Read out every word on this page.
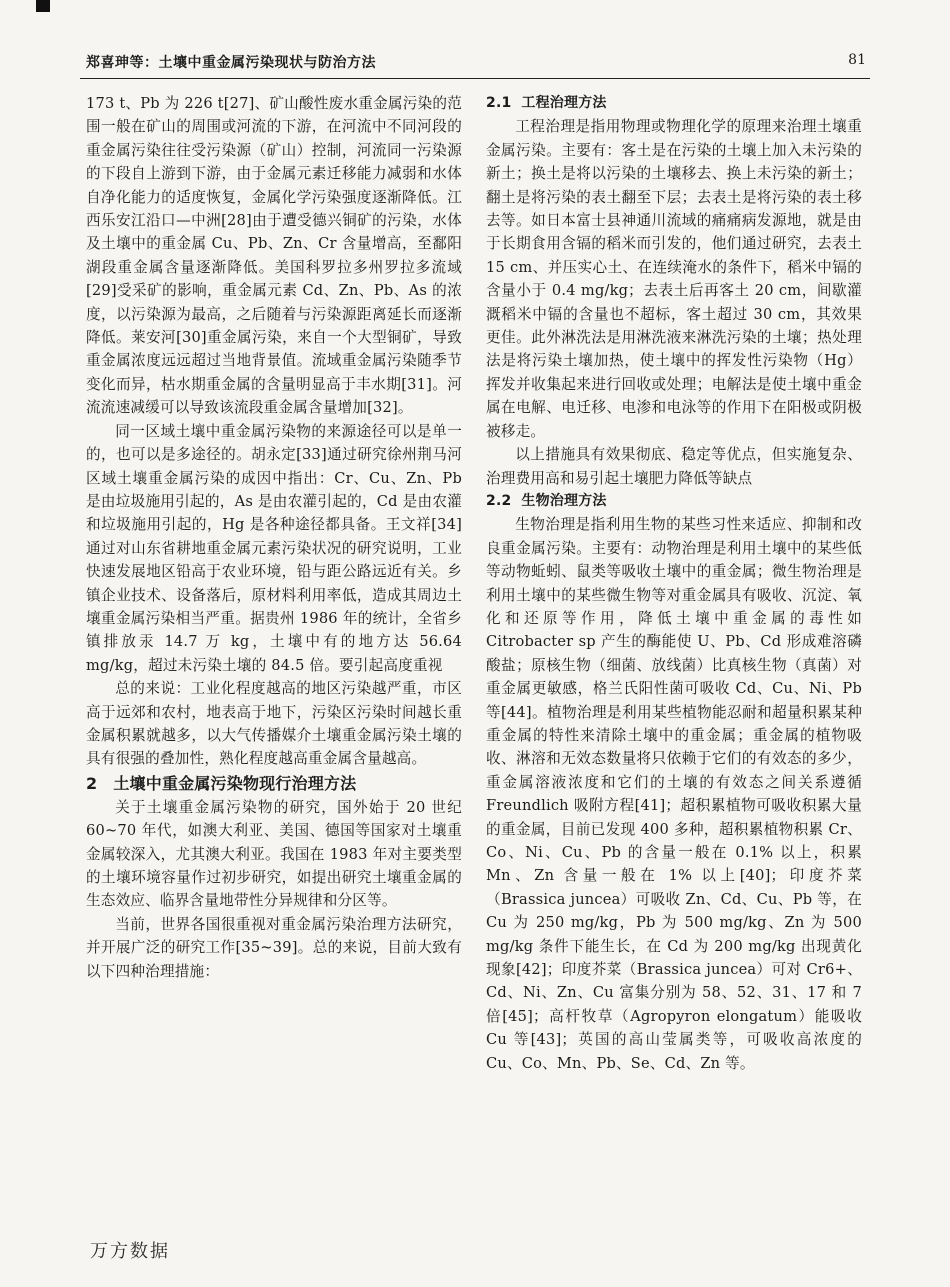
郑喜珅等：土壤中重金属污染现状与防治方法	81

173 t、Pb 为 226 t[27]、矿山酸性废水重金属污染的范围一般在矿山的周围或河流的下游，在河流中不同河段的重金属污染往往受污染源（矿山）控制，河流同一污染源的下段自上游到下游，由于金属元素迁移能力减弱和水体自净化能力的适度恢复，金属化学污染强度逐渐降低。江西乐安江沿口—中洲[28]由于遭受德兴铜矿的污染，水体及土壤中的重金属 Cu、Pb、Zn、Cr 含量增高，至鄱阳湖段重金属含量逐渐降低。美国科罗拉多州罗拉多流域[29]受采矿的影响，重金属元素 Cd、Zn、Pb、As 的浓度，以污染源为最高，之后随着与污染源距离延长而逐渐降低。莱安河[30]重金属污染，来自一个大型铜矿，导致重金属浓度远远超过当地背景值。流域重金属污染随季节变化而异，枯水期重金属的含量明显高于丰水期[31]。河流流速减缓可以导致该流段重金属含量增加[32]。

同一区域土壤中重金属污染物的来源途径可以是单一的，也可以是多途径的。胡永定[33]通过研究徐州荆马河区域土壤重金属污染的成因中指出：Cr、Cu、Zn、Pb 是由垃圾施用引起的，As 是由农灌引起的，Cd 是由农灌和垃圾施用引起的，Hg 是各种途径都具备。王文祥[34]通过对山东省耕地重金属元素污染状况的研究说明，工业快速发展地区铅高于农业环境，铅与距公路远近有关。乡镇企业技术、设备落后，原材料利用率低，造成其周边土壤重金属污染相当严重。据贵州 1986 年的统计，全省乡镇排放汞 14.7 万 kg，土壤中有的地方达 56.64 mg/kg，超过未污染土壤的 84.5 倍。要引起高度重视

总的来说：工业化程度越高的地区污染越严重，市区高于远郊和农村，地表高于地下，污染区污染时间越长重金属积累就越多，以大气传播媒介土壤重金属污染土壤的具有很强的叠加性，熟化程度越高重金属含量越高。

2 土壤中重金属污染物现行治理方法

关于土壤重金属污染物的研究，国外始于 20 世纪 60~70 年代，如澳大利亚、美国、德国等国家对土壤重金属较深入，尤其澳大利亚。我国在 1983 年对主要类型的土壤环境容量作过初步研究，如提出研究土壤重金属的生态效应、临界含量地带性分异规律和分区等。

当前，世界各国很重视对重金属污染治理方法研究，并开展广泛的研究工作[35~39]。总的来说，目前大致有以下四种治理措施：

2.1 工程治理方法

工程治理是指用物理或物理化学的原理来治理土壤重金属污染。主要有：客土是在污染的土壤上加入未污染的新土；换土是将以污染的土壤移去、换上未污染的新土；翻土是将污染的表土翻至下层；去表土是将污染的表土移去等。如日本富士县神通川流域的痛痛病发源地，就是由于长期食用含镉的稻米而引发的，他们通过研究，去表土 15 cm、并压实心土、在连续淹水的条件下，稻米中镉的含量小于 0.4 mg/kg；去表土后再客土 20 cm，间歇灌溉稻米中镉的含量也不超标，客土超过 30 cm，其效果更佳。此外淋洗法是用淋洗液来淋洗污染的土壤；热处理法是将污染土壤加热，使土壤中的挥发性污染物（Hg）挥发并收集起来进行回收或处理；电解法是使土壤中重金属在电解、电迁移、电渗和电泳等的作用下在阳极或阴极被移走。

以上措施具有效果彻底、稳定等优点，但实施复杂、治理费用高和易引起土壤肥力降低等缺点

2.2 生物治理方法

生物治理是指利用生物的某些习性来适应、抑制和改良重金属污染。主要有：动物治理是利用土壤中的某些低等动物蚯蚓、鼠类等吸收土壤中的重金属；微生物治理是利用土壤中的某些微生物等对重金属具有吸收、沉淀、氧化和还原等作用，降低土壤中重金属的毒性如 Citrobacter sp 产生的酶能使 U、Pb、Cd 形成难溶磷酸盐；原核生物（细菌、放线菌）比真核生物（真菌）对重金属更敏感，格兰氏阳性菌可吸收 Cd、Cu、Ni、Pb 等[44]。植物治理是利用某些植物能忍耐和超量积累某种重金属的特性来清除土壤中的重金属；重金属的植物吸收、淋溶和无效态数量将只依赖于它们的有效态的多少，重金属溶液浓度和它们的土壤的有效态之间关系遵循 Freundlich 吸附方程[41]；超积累植物可吸收积累大量的重金属，目前已发现 400 多种，超积累植物积累 Cr、Co、Ni、Cu、Pb 的含量一般在 0.1% 以上，积累 Mn、Zn 含量一般在 1% 以上[40]；印度芥菜（Brassica juncea）可吸收 Zn、Cd、Cu、Pb 等，在 Cu 为 250 mg/kg，Pb 为 500 mg/kg、Zn 为 500 mg/kg 条件下能生长，在 Cd 为 200 mg/kg 出现黄化现象[42]；印度芥菜（Brassica juncea）可对 Cr6+、Cd、Ni、Zn、Cu 富集分别为 58、52、31、17 和 7 倍[45]；高杆牧草（Agropyron elongatum）能吸收 Cu 等[43]；英国的高山莹属类等，可吸收高浓度的 Cu、Co、Mn、Pb、Se、Cd、Zn 等。

万方数据
